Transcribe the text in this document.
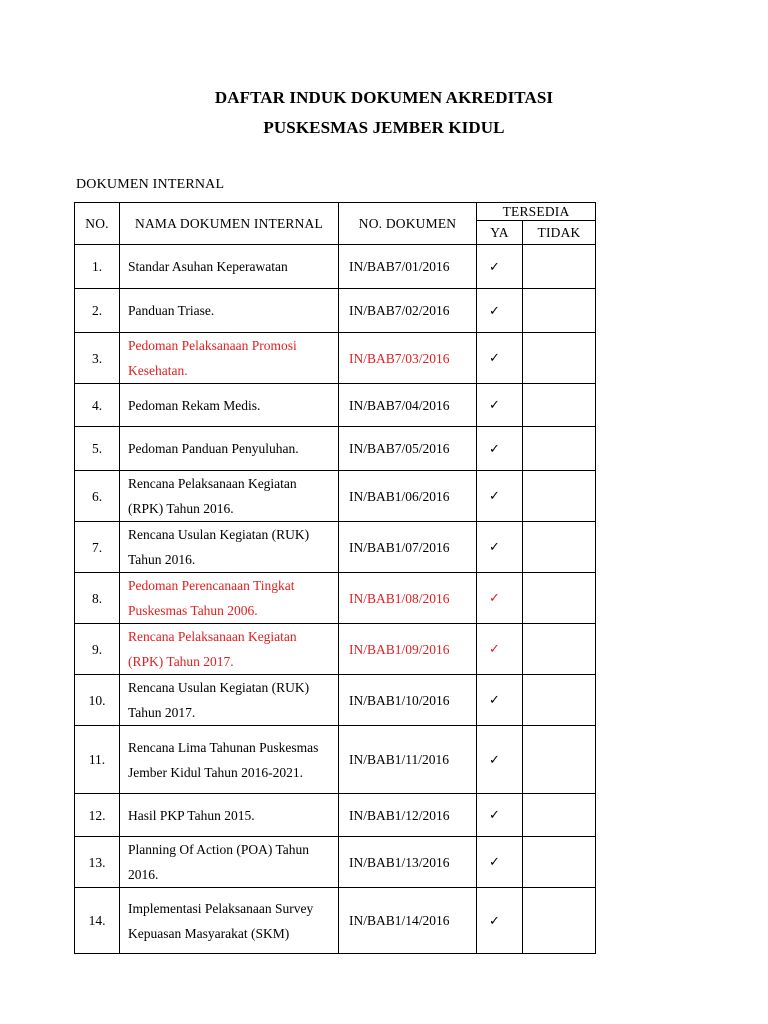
DAFTAR INDUK DOKUMEN AKREDITASI
PUSKESMAS JEMBER KIDUL
DOKUMEN INTERNAL
NO.	NAMA DOKUMEN INTERNAL	NO. DOKUMEN	TERSEDIA	
			YA	TIDAK
1.	Standar Asuhan Keperawatan	IN/BAB7/01/2016	✓	
2.	Panduan Triase.	IN/BAB7/02/2016	✓	
3.	Pedoman Pelaksanaan Promosi Kesehatan.	IN/BAB7/03/2016	✓	
4.	Pedoman Rekam Medis.	IN/BAB7/04/2016	✓	
5.	Pedoman Panduan Penyuluhan.	IN/BAB7/05/2016	✓	
6.	Rencana Pelaksanaan Kegiatan (RPK) Tahun 2016.	IN/BAB1/06/2016	✓	
7.	Rencana Usulan Kegiatan (RUK) Tahun 2016.	IN/BAB1/07/2016	✓	
8.	Pedoman Perencanaan Tingkat Puskesmas Tahun 2006.	IN/BAB1/08/2016	✓	
9.	Rencana Pelaksanaan Kegiatan (RPK) Tahun 2017.	IN/BAB1/09/2016	✓	
10.	Rencana Usulan Kegiatan (RUK) Tahun 2017.	IN/BAB1/10/2016	✓	
11.	Rencana Lima Tahunan Puskesmas Jember Kidul Tahun 2016-2021.	IN/BAB1/11/2016	✓	
12.	Hasil PKP Tahun 2015.	IN/BAB1/12/2016	✓	
13.	Planning Of Action (POA) Tahun 2016.	IN/BAB1/13/2016	✓	
14.	Implementasi Pelaksanaan Survey Kepuasan Masyarakat (SKM)	IN/BAB1/14/2016	✓	
